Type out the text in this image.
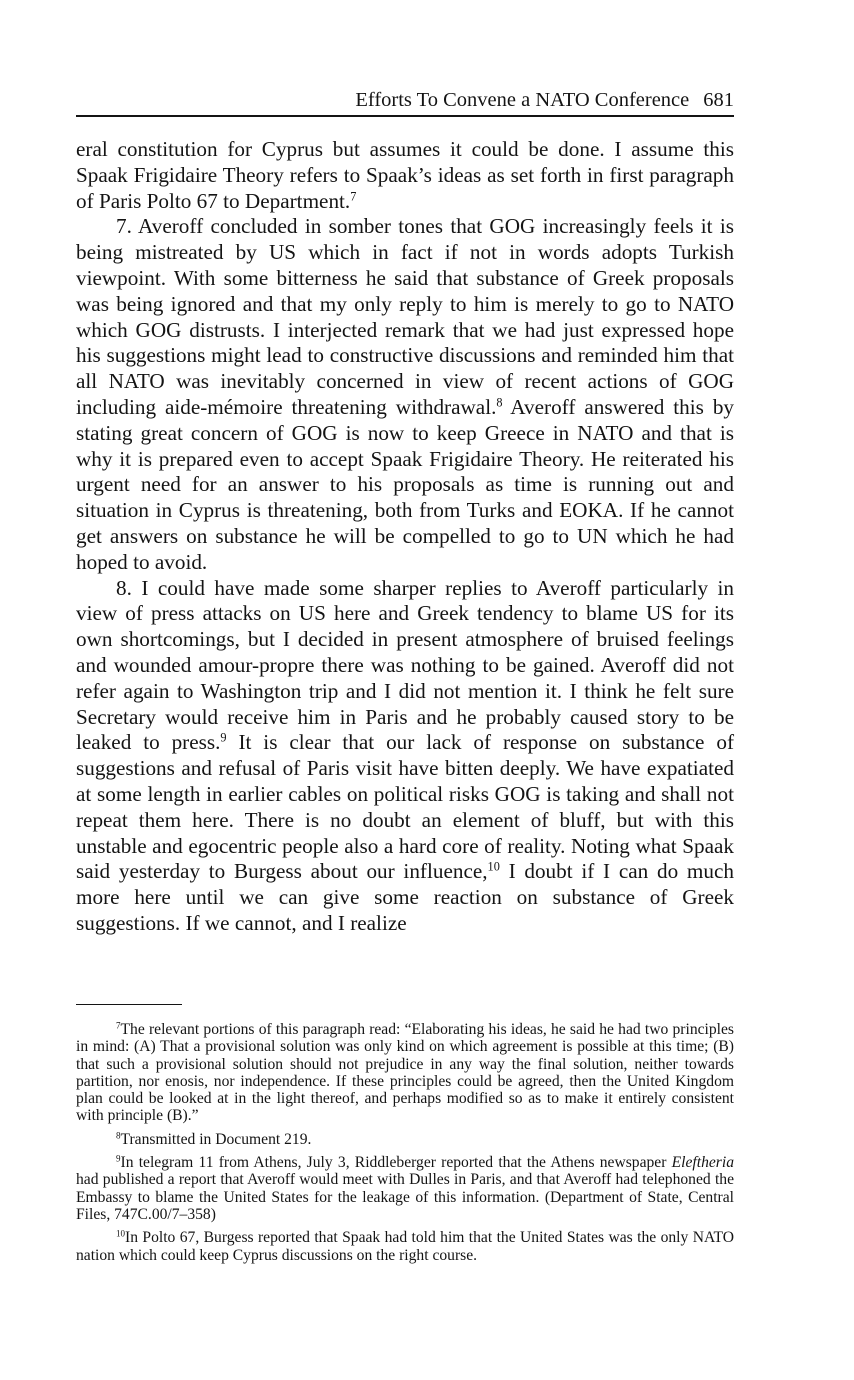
Efforts To Convene a NATO Conference 681

eral constitution for Cyprus but assumes it could be done. I assume this Spaak Frigidaire Theory refers to Spaak’s ideas as set forth in first paragraph of Paris Polto 67 to Department.$^7$

7. Averoff concluded in somber tones that GOG increasingly feels it is being mistreated by US which in fact if not in words adopts Turkish viewpoint. With some bitterness he said that substance of Greek proposals was being ignored and that my only reply to him is merely to go to NATO which GOG distrusts. I interjected remark that we had just expressed hope his suggestions might lead to constructive discussions and reminded him that all NATO was inevitably concerned in view of recent actions of GOG including aide-mémoire threatening withdrawal.$^8$ Averoff answered this by stating great concern of GOG is now to keep Greece in NATO and that is why it is prepared even to accept Spaak Frigidaire Theory. He reiterated his urgent need for an answer to his proposals as time is running out and situation in Cyprus is threatening, both from Turks and EOKA. If he cannot get answers on substance he will be compelled to go to UN which he had hoped to avoid.

8. I could have made some sharper replies to Averoff particularly in view of press attacks on US here and Greek tendency to blame US for its own shortcomings, but I decided in present atmosphere of bruised feelings and wounded amour-propre there was nothing to be gained. Averoff did not refer again to Washington trip and I did not mention it. I think he felt sure Secretary would receive him in Paris and he probably caused story to be leaked to press.$^9$ It is clear that our lack of response on substance of suggestions and refusal of Paris visit have bitten deeply. We have expatiated at some length in earlier cables on political risks GOG is taking and shall not repeat them here. There is no doubt an element of bluff, but with this unstable and egocentric people also a hard core of reality. Noting what Spaak said yesterday to Burgess about our influence,$^{10}$ I doubt if I can do much more here until we can give some reaction on substance of Greek suggestions. If we cannot, and I realize

$^7$The relevant portions of this paragraph read: “Elaborating his ideas, he said he had two principles in mind: (A) That a provisional solution was only kind on which agreement is possible at this time; (B) that such a provisional solution should not prejudice in any way the final solution, neither towards partition, nor enosis, nor independence. If these principles could be agreed, then the United Kingdom plan could be looked at in the light thereof, and perhaps modified so as to make it entirely consistent with principle (B).”

$^8$Transmitted in Document 219.

$^9$In telegram 11 from Athens, July 3, Riddleberger reported that the Athens newspaper Eleftheria had published a report that Averoff would meet with Dulles in Paris, and that Averoff had telephoned the Embassy to blame the United States for the leakage of this information. (Department of State, Central Files, 747C.00/7–358)

$^{10}$In Polto 67, Burgess reported that Spaak had told him that the United States was the only NATO nation which could keep Cyprus discussions on the right course.
